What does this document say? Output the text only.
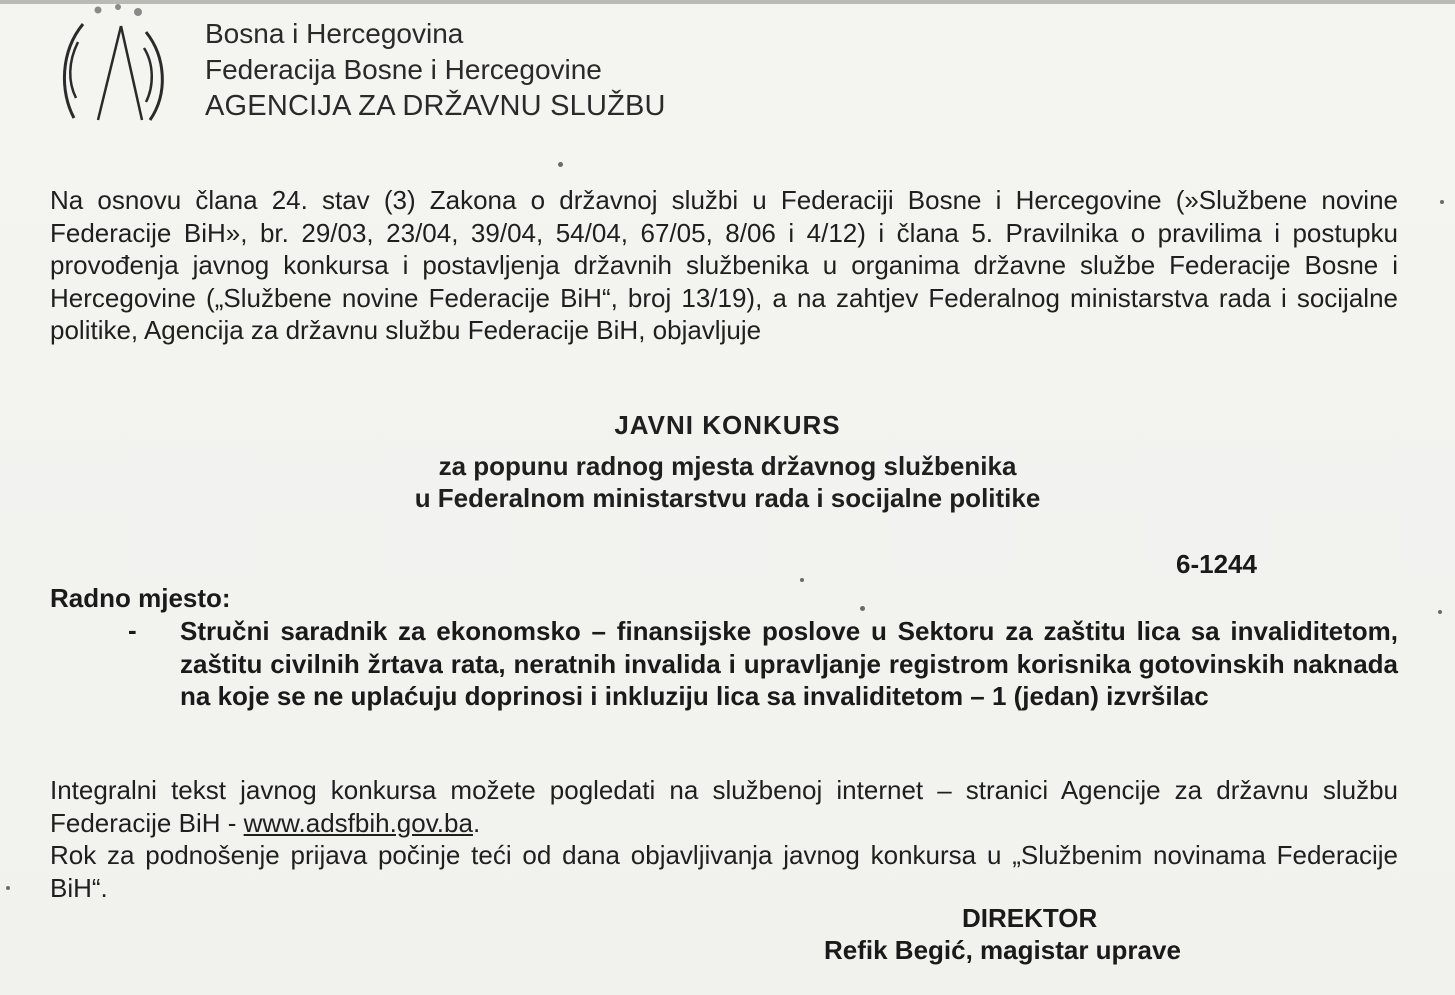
Bosna i Hercegovina
Federacija Bosne i Hercegovine
AGENCIJA ZA DRŽAVNU SLUŽBU
Na osnovu člana 24. stav (3) Zakona o državnoj službi u Federaciji Bosne i Hercegovine (»Službene novine Federacije BiH», br. 29/03, 23/04, 39/04, 54/04, 67/05, 8/06 i 4/12) i člana 5. Pravilnika o pravilima i postupku provođenja javnog konkursa i postavljenja državnih službenika u organima državne službe Federacije Bosne i Hercegovine („Službene novine Federacije BiH“, broj 13/19), a na zahtjev Federalnog ministarstva rada i socijalne politike, Agencija za državnu službu Federacije BiH, objavljuje
JAVNI KONKURS
za popunu radnog mjesta državnog službenika
u Federalnom ministarstvu rada i socijalne politike
6-1244
Radno mjesto:
- Stručni saradnik za ekonomsko – finansijske poslove u Sektoru za zaštitu lica sa invaliditetom, zaštitu civilnih žrtava rata, neratnih invalida i upravljanje registrom korisnika gotovinskih naknada na koje se ne uplaćuju doprinosi i inkluziju lica sa invaliditetom – 1 (jedan) izvršilac
Integralni tekst javnog konkursa možete pogledati na službenoj internet – stranici Agencije za državnu službu Federacije BiH - www.adsfbih.gov.ba.
Rok za podnošenje prijava počinje teći od dana objavljivanja javnog konkursa u „Službenim novinama Federacije BiH“.
DIREKTOR
Refik Begić, magistar uprave
